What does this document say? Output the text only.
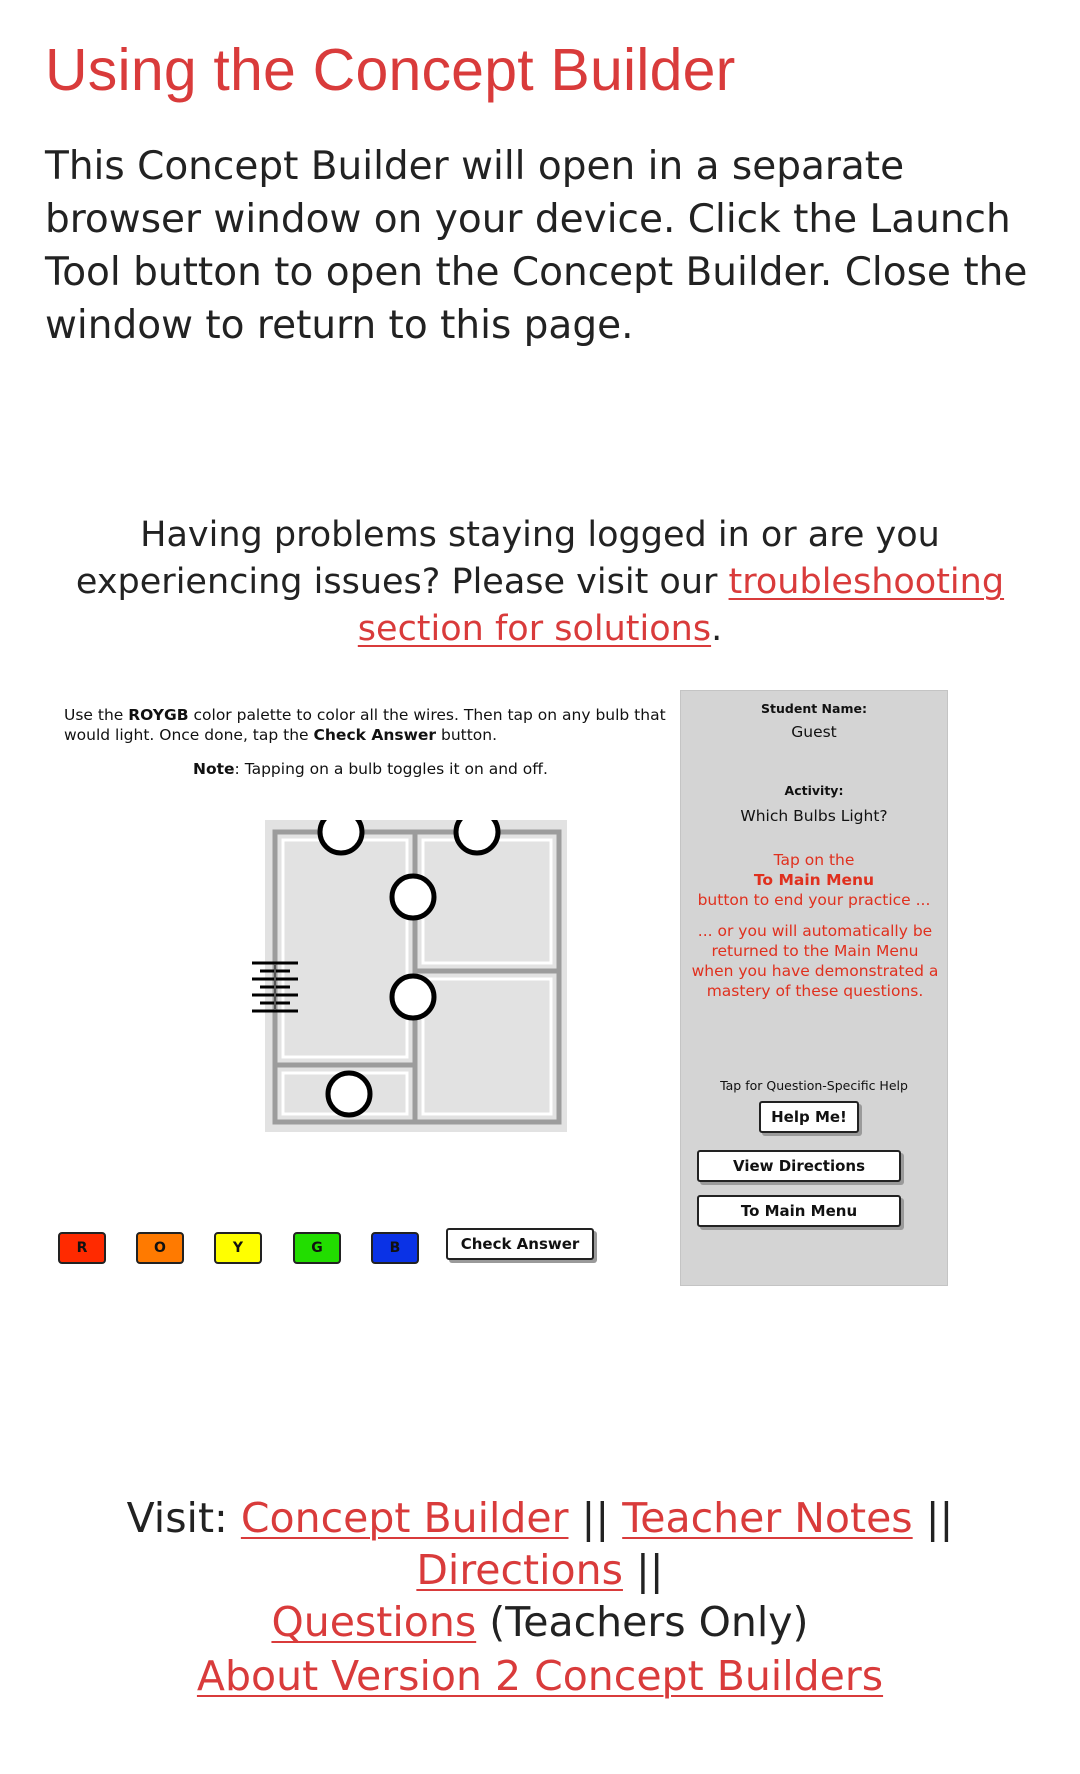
Using the Concept Builder

This Concept Builder will open in a separate browser window on your device. Click the Launch Tool button to open the Concept Builder. Close the window to return to this page.

Having problems staying logged in or are you experiencing issues? Please visit our troubleshooting section for solutions.

Use the ROYGB color palette to color all the wires. Then tap on any bulb that would light. Once done, tap the Check Answer button.

Note: Tapping on a bulb toggles it on and off.

R	O	Y	G	B	Check Answer
Student Name:
Guest
Activity:
Which Bulbs Light?
Tap on the
To Main Menu
button to end your practice ...
... or you will automatically be returned to the Main Menu when you have demonstrated a mastery of these questions.
Tap for Question-Specific Help
Help Me!
View Directions
To Main Menu

Visit: Concept Builder || Teacher Notes || Directions ||
Questions (Teachers Only)

About Version 2 Concept Builders
